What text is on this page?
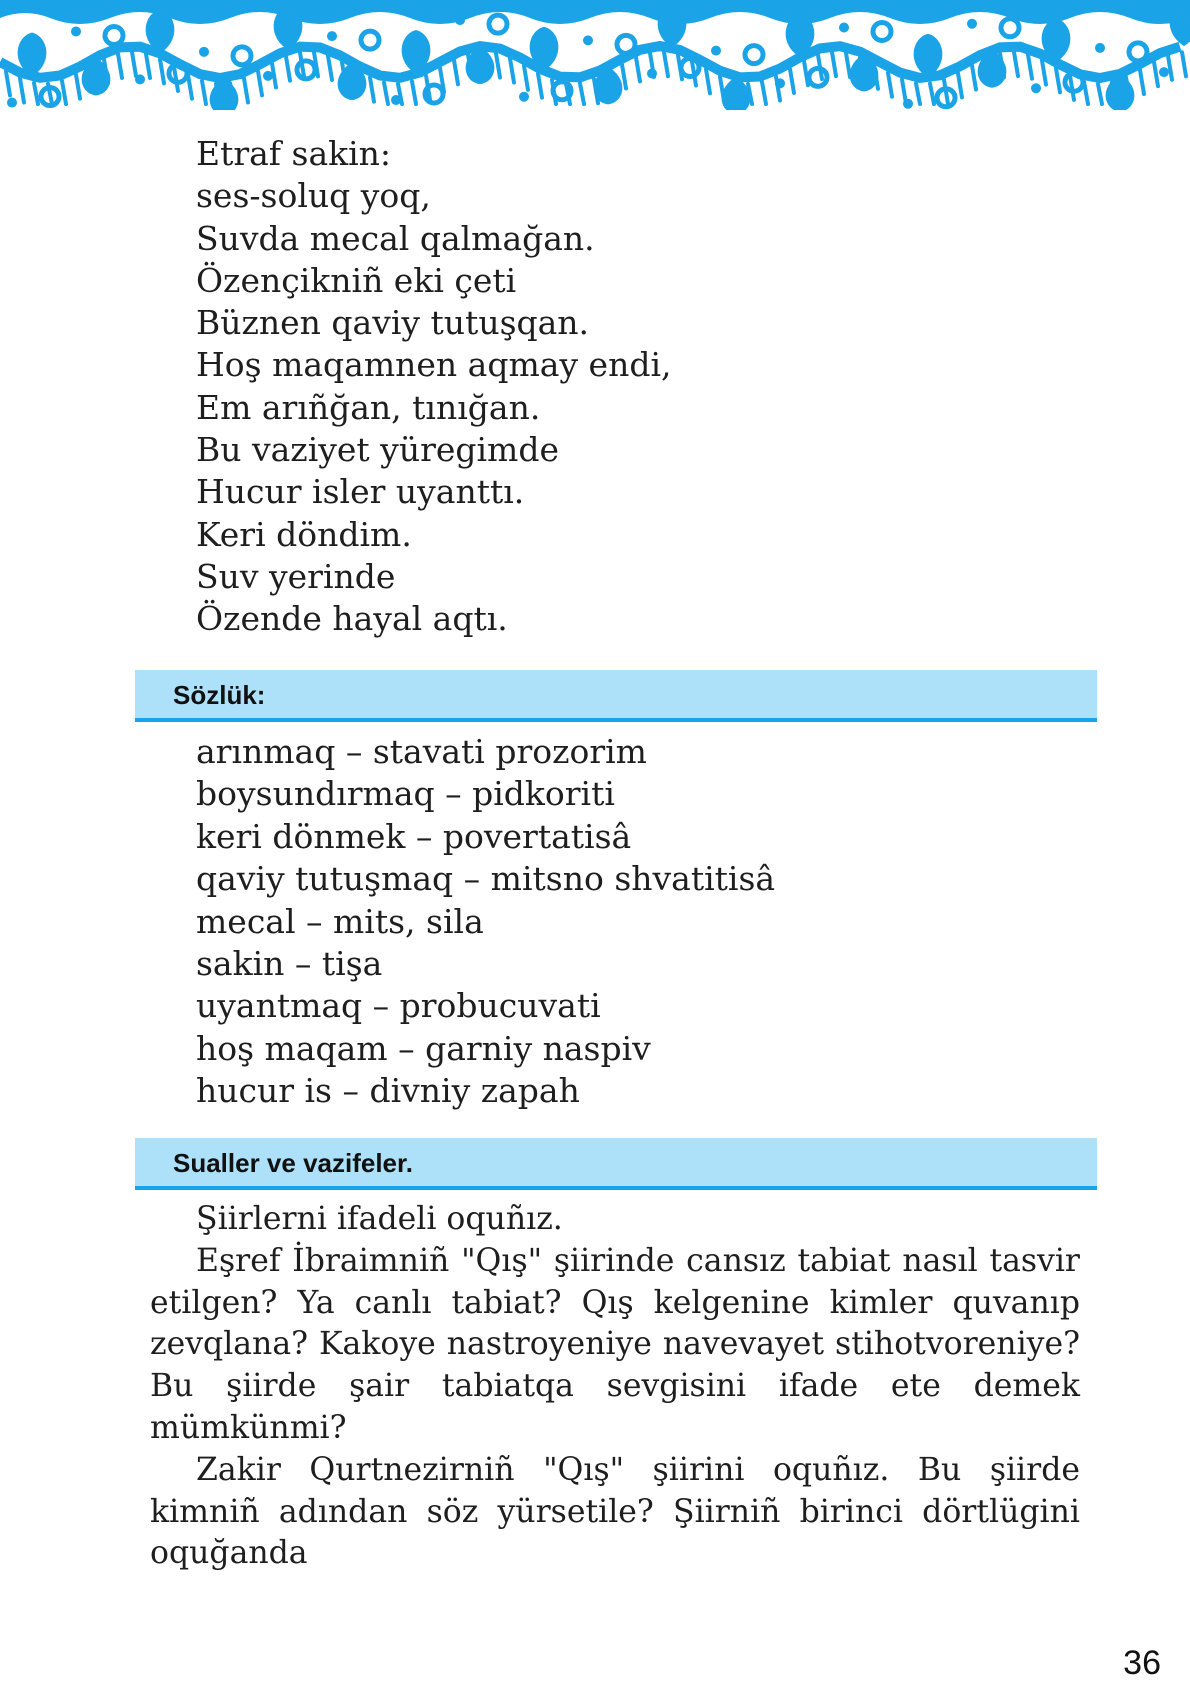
Etraf sakin:
ses-soluq yoq,
Suvda mecal qalmağan.
Özençikniñ eki çeti
Büznen qaviy tutuşqan.
Hoş maqamnen aqmay endi,
Em arıñğan, tınığan.
Bu vaziyet yüregimde
Hucur isler uyanttı.
Keri döndim.
Suv yerinde
Özende hayal aqtı.
Sözlük:
arınmaq – stavati prozorim
boysundırmaq – pidkoriti
keri dönmek – povertatisâ
qaviy tutuşmaq – mitsno shvatitisâ
mecal – mits, sila
sakin – tişa
uyantmaq – probucuvati
hoş maqam – garniy naspiv
hucur is – divniy zapah
Sualler ve vazifeler.

Şiirlerni ifadeli oquñız.

Eşref İbraimniñ "Qış" şiirinde cansız tabiat nasıl tasvir etilgen? Ya canlı tabiat? Qış kelgenine kimler quvanıp zevqlana? Kakoye nastroyeniye navevayet stihotvoreniye? Bu şiirde şair tabiatqa sevgisini ifade ete demek mümkünmi?

Zakir Qurtnezirniñ "Qış" şiirini oquñız. Bu şiirde kimniñ adından söz yürsetile? Şiirniñ birinci dörtlügini oquğanda

36
